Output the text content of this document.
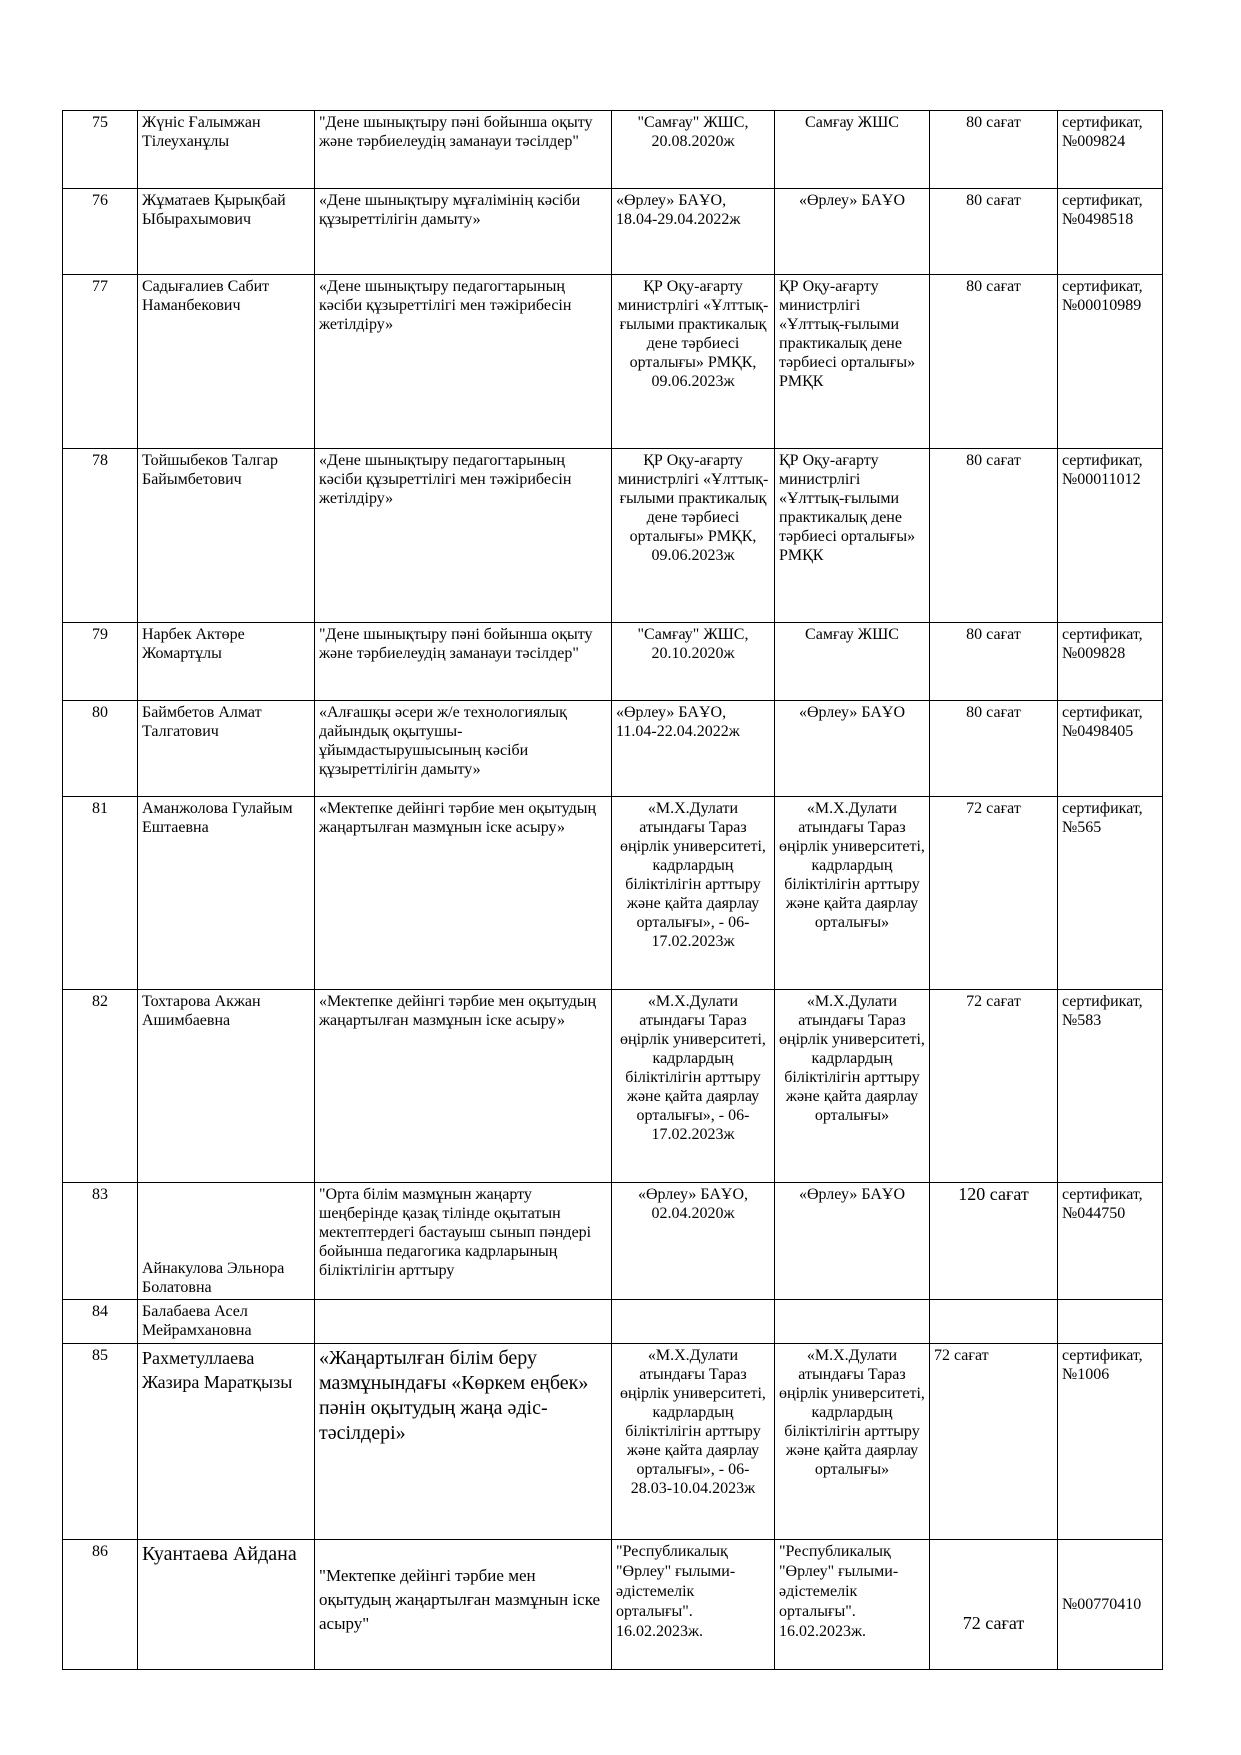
75	Жүніс Ғалымжан Тілеуханұлы	"Дене шынықтыру пәні бойынша оқыту және тәрбиелеудің заманауи тәсілдер"	"Самғау" ЖШС, 20.08.2020ж	Самғау ЖШС	80 сағат	сертификат, №009824
76	Жұматаев Қырықбай Ыбырахымович	«Дене шынықтыру мұғалімінің кәсіби құзыреттілігін дамыту»	«Өрлеу» БАҰО, 18.04-29.04.2022ж	«Өрлеу» БАҰО	80 сағат	сертификат, №0498518
77	Садығалиев Сабит Наманбекович	«Дене шынықтыру педагогтарының кәсіби құзыреттілігі мен тәжірибесін жетілдіру»	ҚР Оқу-ағарту министрлігі «Ұлттық-ғылыми практикалық дене тәрбиесі орталығы» РМҚК, 09.06.2023ж	ҚР Оқу-ағарту министрлігі «Ұлттық-ғылыми практикалық дене тәрбиесі орталығы» РМҚК	80 сағат	сертификат, №00010989
78	Тойшыбеков Талгар Байымбетович	«Дене шынықтыру педагогтарының кәсіби құзыреттілігі мен тәжірибесін жетілдіру»	ҚР Оқу-ағарту министрлігі «Ұлттық-ғылыми практикалық дене тәрбиесі орталығы» РМҚК, 09.06.2023ж	ҚР Оқу-ағарту министрлігі «Ұлттық-ғылыми практикалық дене тәрбиесі орталығы» РМҚК	80 сағат	сертификат, №00011012
79	Нарбек Актөре Жомартұлы	"Дене шынықтыру пәні бойынша оқыту және тәрбиелеудің заманауи тәсілдер"	"Самғау" ЖШС, 20.10.2020ж	Самғау ЖШС	80 сағат	сертификат, №009828
80	Баймбетов Алмат Талгатович	«Алғашқы әсери ж/е технологиялық дайындық оқытушы-ұйымдастырушысының кәсіби құзыреттілігін дамыту»	«Өрлеу» БАҰО, 11.04-22.04.2022ж	«Өрлеу» БАҰО	80 сағат	сертификат, №0498405
81	Аманжолова Гулайым Ештаевна	«Мектепке дейінгі тәрбие мен оқытудың жаңартылған мазмұнын іске асыру»	«М.Х.Дулати атындағы Тараз өңірлік университеті, кадрлардың біліктілігін арттыру және қайта даярлау орталығы», - 06-17.02.2023ж	«М.Х.Дулати атындағы Тараз өңірлік университеті, кадрлардың біліктілігін арттыру және қайта даярлау орталығы»	72 сағат	сертификат, №565
82	Тохтарова Акжан Ашимбаевна	«Мектепке дейінгі тәрбие мен оқытудың жаңартылған мазмұнын іске асыру»	«М.Х.Дулати атындағы Тараз өңірлік университеті, кадрлардың біліктілігін арттыру және қайта даярлау орталығы», - 06-17.02.2023ж	«М.Х.Дулати атындағы Тараз өңірлік университеті, кадрлардың біліктілігін арттыру және қайта даярлау орталығы»	72 сағат	сертификат, №583
83	Айнакулова Эльнора Болатовна	"Орта білім мазмұнын жаңарту шеңберінде қазақ тілінде оқытатын мектептердегі бастауыш сынып пәндері бойынша педагогика кадрларының біліктілігін арттыру	«Өрлеу» БАҰО, 02.04.2020ж	«Өрлеу» БАҰО	120 сағат	сертификат, №044750
84	Балабаева Асел Мейрамхановна					
85	Рахметуллаева Жазира Маратқызы	«Жаңартылған білім беру мазмұнындағы «Көркем еңбек» пәнін оқытудың жаңа әдіс-тәсілдері»	«М.Х.Дулати атындағы Тараз өңірлік университеті, кадрлардың біліктілігін арттыру және қайта даярлау орталығы», - 06-28.03-10.04.2023ж	«М.Х.Дулати атындағы Тараз өңірлік университеті, кадрлардың біліктілігін арттыру және қайта даярлау орталығы»	72 сағат	сертификат, №1006
86	Куантаева Айдана	"Мектепке дейінгі тәрбие мен оқытудың жаңартылған мазмұнын іске асыру"	"Республикалық "Өрлеу" ғылыми-әдістемелік орталығы". 16.02.2023ж.	"Республикалық "Өрлеу" ғылыми-әдістемелік орталығы". 16.02.2023ж.	72 сағат	№00770410
